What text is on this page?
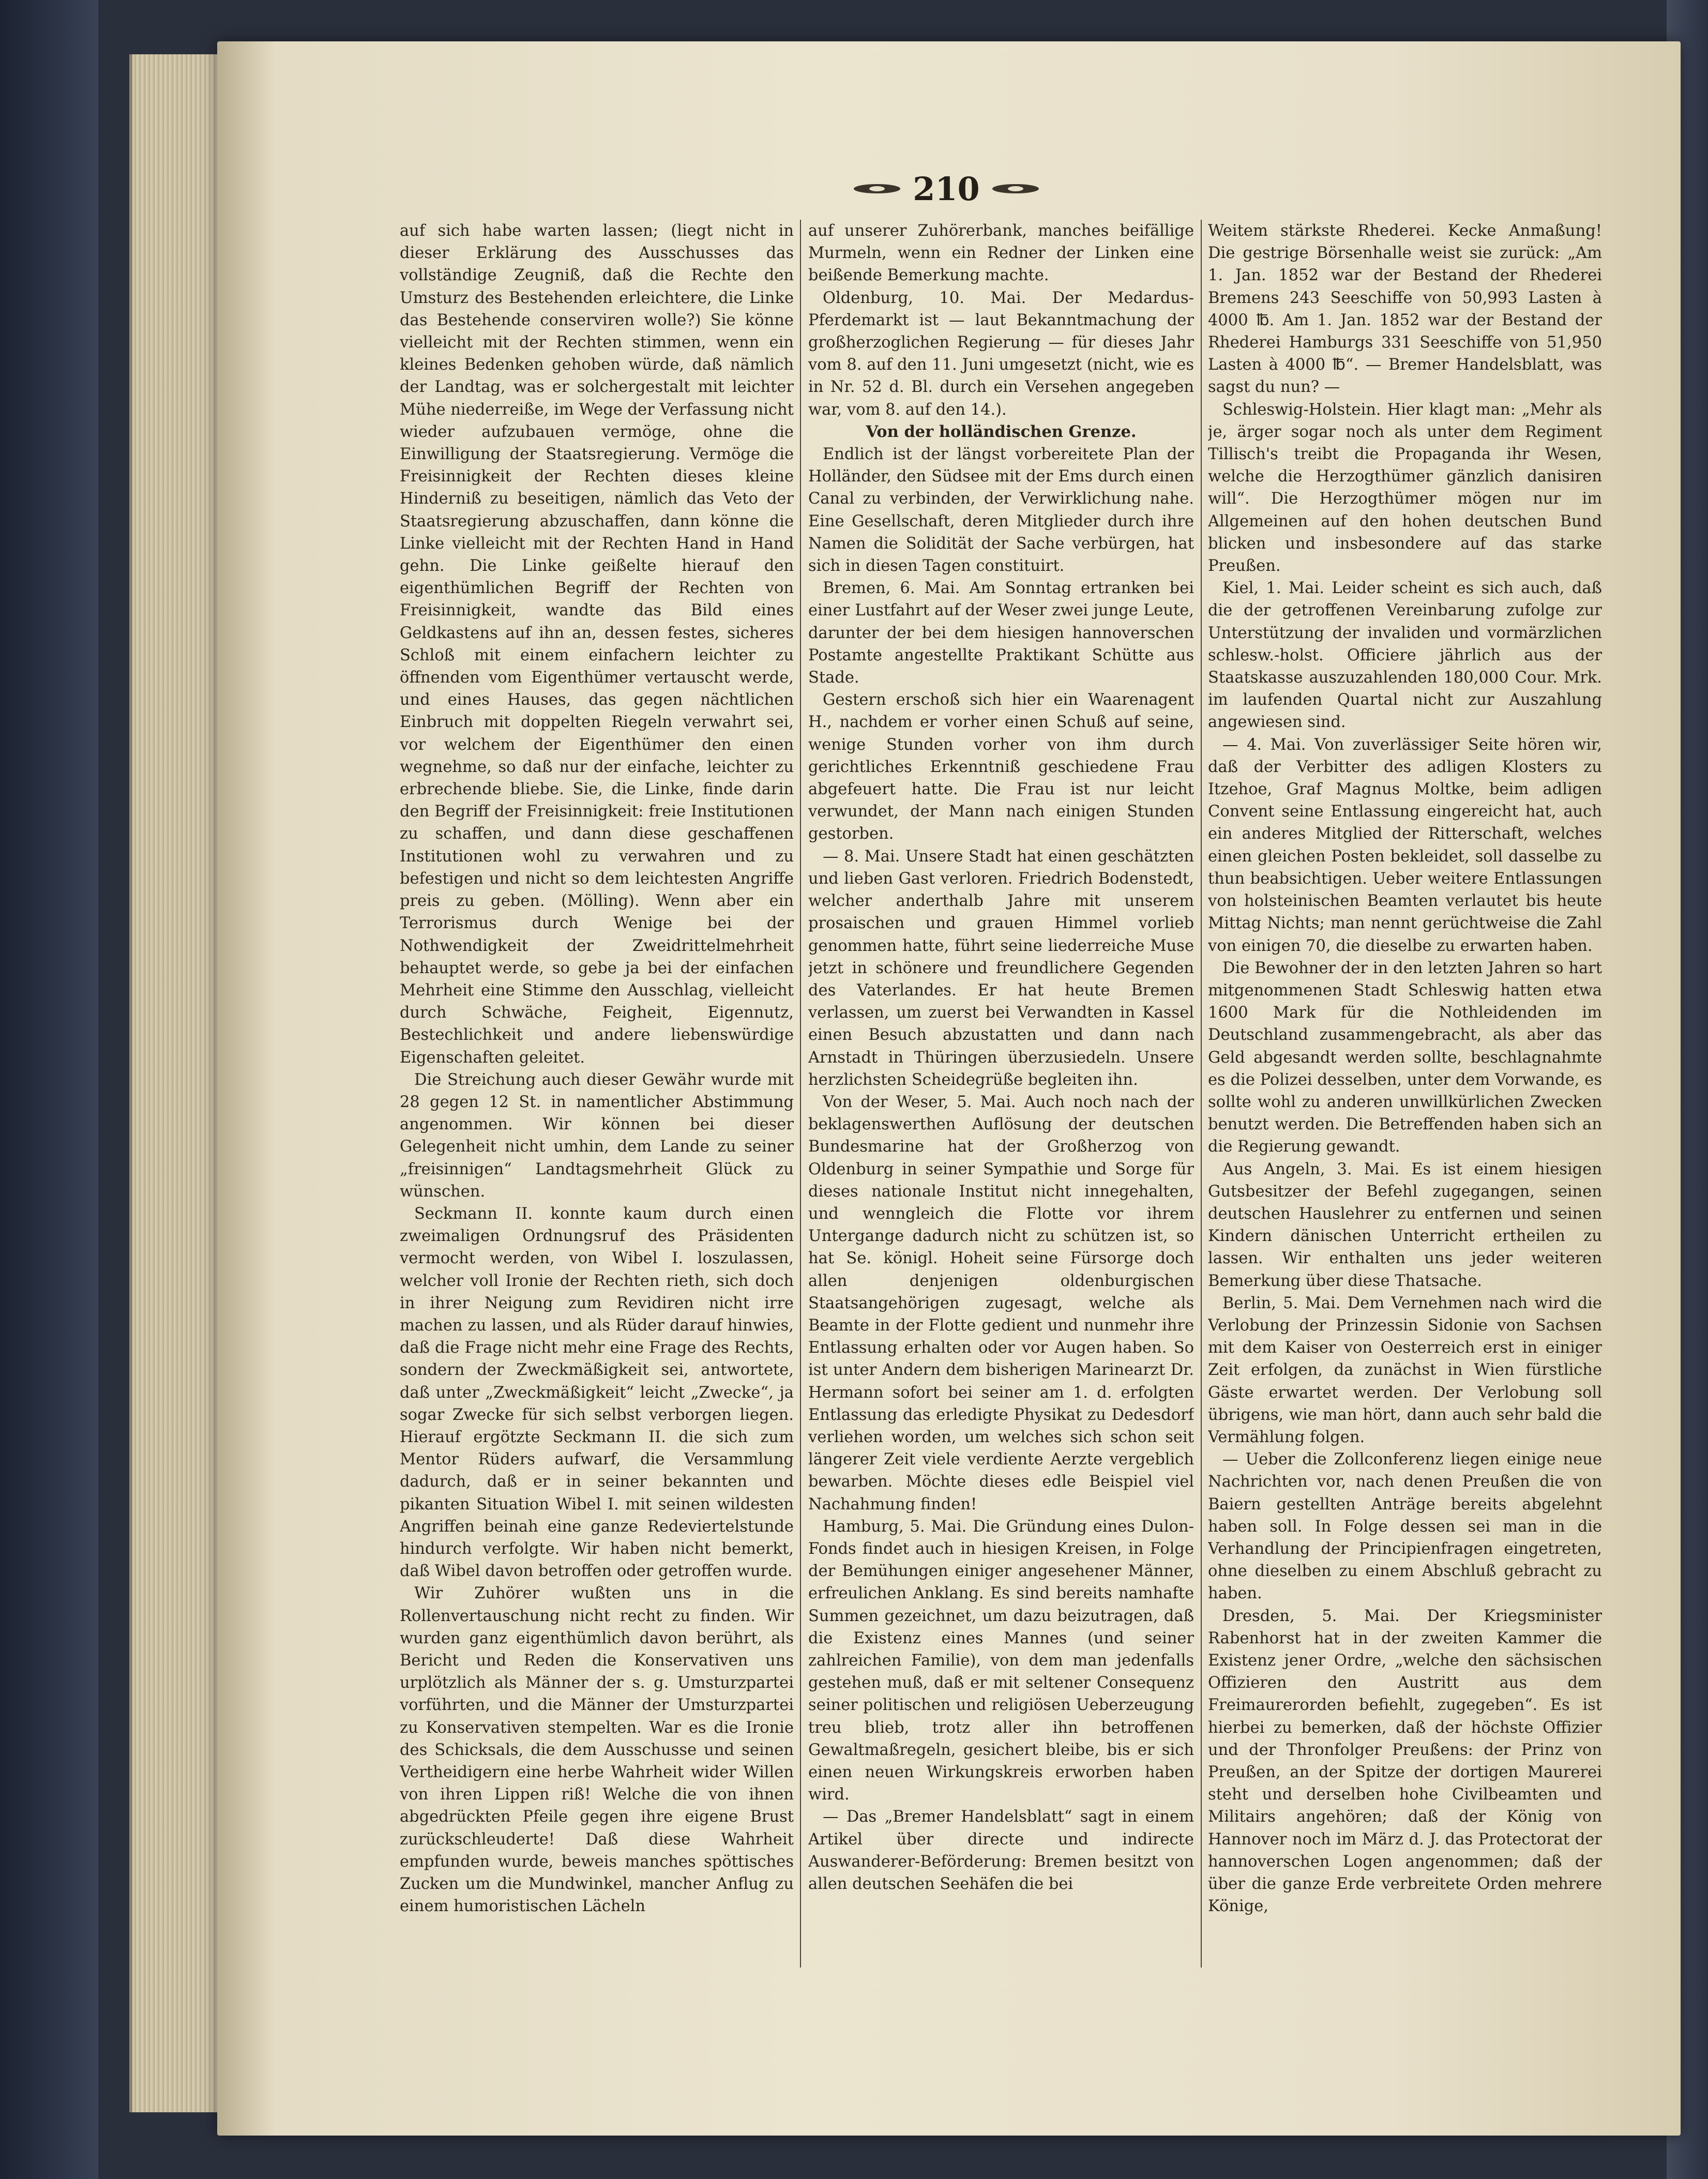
210

auf sich habe warten lassen; (liegt nicht in dieser Erklärung des Ausschusses das vollständige Zeugniß, daß die Rechte den Umsturz des Bestehenden erleichtere, die Linke das Bestehende conserviren wolle?) Sie könne vielleicht mit der Rechten stimmen, wenn ein kleines Bedenken gehoben würde, daß nämlich der Landtag, was er solchergestalt mit leichter Mühe niederreiße, im Wege der Verfassung nicht wieder aufzubauen vermöge, ohne die Einwilligung der Staatsregierung. Vermöge die Freisinnigkeit der Rechten dieses kleine Hinderniß zu beseitigen, nämlich das Veto der Staatsregierung abzuschaffen, dann könne die Linke vielleicht mit der Rechten Hand in Hand gehn. Die Linke geißelte hierauf den eigenthümlichen Begriff der Rechten von Freisinnigkeit, wandte das Bild eines Geldkastens auf ihn an, dessen festes, sicheres Schloß mit einem einfachern leichter zu öffnenden vom Eigenthümer vertauscht werde, und eines Hauses, das gegen nächtlichen Einbruch mit doppelten Riegeln verwahrt sei, vor welchem der Eigenthümer den einen wegnehme, so daß nur der einfache, leichter zu erbrechende bliebe. Sie, die Linke, finde darin den Begriff der Freisinnigkeit: freie Institutionen zu schaffen, und dann diese geschaffenen Institutionen wohl zu verwahren und zu befestigen und nicht so dem leichtesten Angriffe preis zu geben. (Mölling). Wenn aber ein Terrorismus durch Wenige bei der Nothwendigkeit der Zweidrittelmehrheit behauptet werde, so gebe ja bei der einfachen Mehrheit eine Stimme den Ausschlag, vielleicht durch Schwäche, Feigheit, Eigennutz, Bestechlichkeit und andere liebenswürdige Eigenschaften geleitet.

Die Streichung auch dieser Gewähr wurde mit 28 gegen 12 St. in namentlicher Abstimmung angenommen. Wir können bei dieser Gelegenheit nicht umhin, dem Lande zu seiner „freisinnigen“ Landtagsmehrheit Glück zu wünschen.

Seckmann II. konnte kaum durch einen zweimaligen Ordnungsruf des Präsidenten vermocht werden, von Wibel I. loszulassen, welcher voll Ironie der Rechten rieth, sich doch in ihrer Neigung zum Revidiren nicht irre machen zu lassen, und als Rüder darauf hinwies, daß die Frage nicht mehr eine Frage des Rechts, sondern der Zweckmäßigkeit sei, antwortete, daß unter „Zweckmäßigkeit“ leicht „Zwecke“, ja sogar Zwecke für sich selbst verborgen liegen. Hierauf ergötzte Seckmann II. die sich zum Mentor Rüders aufwarf, die Versammlung dadurch, daß er in seiner bekannten und pikanten Situation Wibel I. mit seinen wildesten Angriffen beinah eine ganze Redeviertelstunde hindurch verfolgte. Wir haben nicht bemerkt, daß Wibel davon betroffen oder getroffen wurde.

Wir Zuhörer wußten uns in die Rollenvertauschung nicht recht zu finden. Wir wurden ganz eigenthümlich davon berührt, als Bericht und Reden die Konservativen uns urplötzlich als Männer der s. g. Umsturzpartei vorführten, und die Männer der Umsturzpartei zu Konservativen stempelten. War es die Ironie des Schicksals, die dem Ausschusse und seinen Vertheidigern eine herbe Wahrheit wider Willen von ihren Lippen riß! Welche die von ihnen abgedrückten Pfeile gegen ihre eigene Brust zurückschleuderte! Daß diese Wahrheit empfunden wurde, beweis manches spöttisches Zucken um die Mundwinkel, mancher Anflug zu einem humoristischen Lächeln

auf unserer Zuhörerbank, manches beifällige Murmeln, wenn ein Redner der Linken eine beißende Bemerkung machte.

Oldenburg, 10. Mai. Der Medardus-Pferdemarkt ist — laut Bekanntmachung der großherzoglichen Regierung — für dieses Jahr vom 8. auf den 11. Juni umgesetzt (nicht, wie es in Nr. 52 d. Bl. durch ein Versehen angegeben war, vom 8. auf den 14.).

Von der holländischen Grenze.

Endlich ist der längst vorbereitete Plan der Holländer, den Südsee mit der Ems durch einen Canal zu verbinden, der Verwirklichung nahe. Eine Gesellschaft, deren Mitglieder durch ihre Namen die Solidität der Sache verbürgen, hat sich in diesen Tagen constituirt.

Bremen, 6. Mai. Am Sonntag ertranken bei einer Lustfahrt auf der Weser zwei junge Leute, darunter der bei dem hiesigen hannoverschen Postamte angestellte Praktikant Schütte aus Stade.

Gestern erschoß sich hier ein Waarenagent H., nachdem er vorher einen Schuß auf seine, wenige Stunden vorher von ihm durch gerichtliches Erkenntniß geschiedene Frau abgefeuert hatte. Die Frau ist nur leicht verwundet, der Mann nach einigen Stunden gestorben.

— 8. Mai. Unsere Stadt hat einen geschätzten und lieben Gast verloren. Friedrich Bodenstedt, welcher anderthalb Jahre mit unserem prosaischen und grauen Himmel vorlieb genommen hatte, führt seine liederreiche Muse jetzt in schönere und freundlichere Gegenden des Vaterlandes. Er hat heute Bremen verlassen, um zuerst bei Verwandten in Kassel einen Besuch abzustatten und dann nach Arnstadt in Thüringen überzusiedeln. Unsere herzlichsten Scheidegrüße begleiten ihn.

Von der Weser, 5. Mai. Auch noch nach der beklagenswerthen Auflösung der deutschen Bundesmarine hat der Großherzog von Oldenburg in seiner Sympathie und Sorge für dieses nationale Institut nicht innegehalten, und wenngleich die Flotte vor ihrem Untergange dadurch nicht zu schützen ist, so hat Se. königl. Hoheit seine Fürsorge doch allen denjenigen oldenburgischen Staatsangehörigen zugesagt, welche als Beamte in der Flotte gedient und nunmehr ihre Entlassung erhalten oder vor Augen haben. So ist unter Andern dem bisherigen Marinearzt Dr. Hermann sofort bei seiner am 1. d. erfolgten Entlassung das erledigte Physikat zu Dedesdorf verliehen worden, um welches sich schon seit längerer Zeit viele verdiente Aerzte vergeblich bewarben. Möchte dieses edle Beispiel viel Nachahmung finden!

Hamburg, 5. Mai. Die Gründung eines Dulon-Fonds findet auch in hiesigen Kreisen, in Folge der Bemühungen einiger angesehener Männer, erfreulichen Anklang. Es sind bereits namhafte Summen gezeichnet, um dazu beizutragen, daß die Existenz eines Mannes (und seiner zahlreichen Familie), von dem man jedenfalls gestehen muß, daß er mit seltener Consequenz seiner politischen und religiösen Ueberzeugung treu blieb, trotz aller ihn betroffenen Gewaltmaßregeln, gesichert bleibe, bis er sich einen neuen Wirkungskreis erworben haben wird.

— Das „Bremer Handelsblatt“ sagt in einem Artikel über directe und indirecte Auswanderer-Beförderung: Bremen besitzt von allen deutschen Seehäfen die bei

Weitem stärkste Rhederei. Kecke Anmaßung! Die gestrige Börsenhalle weist sie zurück: „Am 1. Jan. 1852 war der Bestand der Rhederei Bremens 243 Seeschiffe von 50,993 Lasten à 4000 ℔. Am 1. Jan. 1852 war der Bestand der Rhederei Hamburgs 331 Seeschiffe von 51,950 Lasten à 4000 ℔“. — Bremer Handelsblatt, was sagst du nun? —

Schleswig-Holstein. Hier klagt man: „Mehr als je, ärger sogar noch als unter dem Regiment Tillisch's treibt die Propaganda ihr Wesen, welche die Herzogthümer gänzlich danisiren will“. Die Herzogthümer mögen nur im Allgemeinen auf den hohen deutschen Bund blicken und insbesondere auf das starke Preußen.

Kiel, 1. Mai. Leider scheint es sich auch, daß die der getroffenen Vereinbarung zufolge zur Unterstützung der invaliden und vormärzlichen schlesw.-holst. Officiere jährlich aus der Staatskasse auszuzahlenden 180,000 Cour. Mrk. im laufenden Quartal nicht zur Auszahlung angewiesen sind.

— 4. Mai. Von zuverlässiger Seite hören wir, daß der Verbitter des adligen Klosters zu Itzehoe, Graf Magnus Moltke, beim adligen Convent seine Entlassung eingereicht hat, auch ein anderes Mitglied der Ritterschaft, welches einen gleichen Posten bekleidet, soll dasselbe zu thun beabsichtigen. Ueber weitere Entlassungen von holsteinischen Beamten verlautet bis heute Mittag Nichts; man nennt gerüchtweise die Zahl von einigen 70, die dieselbe zu erwarten haben.

Die Bewohner der in den letzten Jahren so hart mitgenommenen Stadt Schleswig hatten etwa 1600 Mark für die Nothleidenden im Deutschland zusammengebracht, als aber das Geld abgesandt werden sollte, beschlagnahmte es die Polizei desselben, unter dem Vorwande, es sollte wohl zu anderen unwillkürlichen Zwecken benutzt werden. Die Betreffenden haben sich an die Regierung gewandt.

Aus Angeln, 3. Mai. Es ist einem hiesigen Gutsbesitzer der Befehl zugegangen, seinen deutschen Hauslehrer zu entfernen und seinen Kindern dänischen Unterricht ertheilen zu lassen. Wir enthalten uns jeder weiteren Bemerkung über diese Thatsache.

Berlin, 5. Mai. Dem Vernehmen nach wird die Verlobung der Prinzessin Sidonie von Sachsen mit dem Kaiser von Oesterreich erst in einiger Zeit erfolgen, da zunächst in Wien fürstliche Gäste erwartet werden. Der Verlobung soll übrigens, wie man hört, dann auch sehr bald die Vermählung folgen.

— Ueber die Zollconferenz liegen einige neue Nachrichten vor, nach denen Preußen die von Baiern gestellten Anträge bereits abgelehnt haben soll. In Folge dessen sei man in die Verhandlung der Principienfragen eingetreten, ohne dieselben zu einem Abschluß gebracht zu haben.

Dresden, 5. Mai. Der Kriegsminister Rabenhorst hat in der zweiten Kammer die Existenz jener Ordre, „welche den sächsischen Offizieren den Austritt aus dem Freimaurerorden befiehlt, zugegeben“. Es ist hierbei zu bemerken, daß der höchste Offizier und der Thronfolger Preußens: der Prinz von Preußen, an der Spitze der dortigen Maurerei steht und derselben hohe Civilbeamten und Militairs angehören; daß der König von Hannover noch im März d. J. das Protectorat der hannoverschen Logen angenommen; daß der über die ganze Erde verbreitete Orden mehrere Könige,
